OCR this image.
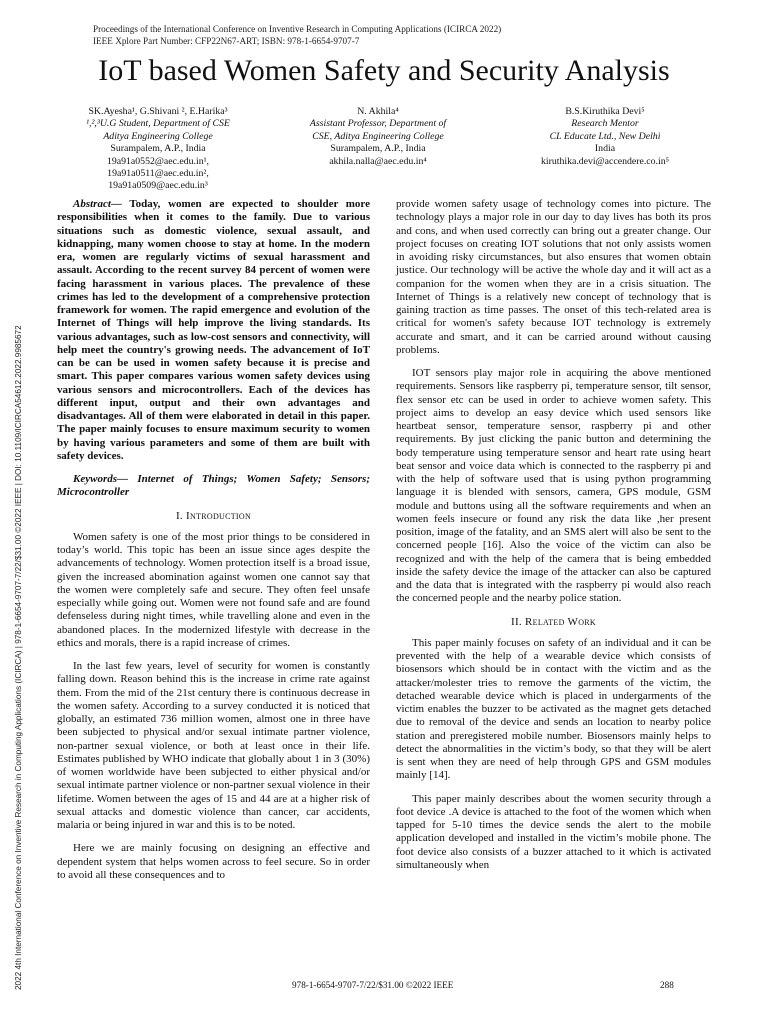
2022 4th International Conference on Inventive Research in Computing Applications (ICIRCA) | 978-1-6654-9707-7/22/$31.00 ©2022 IEEE | DOI: 10.1109/ICIRCA54612.2022.9985672
Proceedings of the International Conference on Inventive Research in Computing Applications (ICIRCA 2022)
IEEE Xplore Part Number: CFP22N67-ART; ISBN: 978-1-6654-9707-7
IoT based Women Safety and Security Analysis
SK.Ayesha¹, G.Shivani ², E.Harika³
¹,²,³U.G Student, Department of CSE
Aditya Engineering College
Surampalem, A.P., India
19a91a0552@aec.edu.in¹,
19a91a0511@aec.edu.in²,
19a91a0509@aec.edu.in³
N. Akhila⁴
Assistant Professor, Department of
CSE, Aditya Engineering College
Surampalem, A.P., India
akhila.nalla@aec.edu.in⁴
B.S.Kiruthika Devi⁵
Research Mentor
CL Educate Ltd., New Delhi
India
kiruthika.devi@accendere.co.in⁵

Abstract— Today, women are expected to shoulder more responsibilities when it comes to the family. Due to various situations such as domestic violence, sexual assault, and kidnapping, many women choose to stay at home. In the modern era, women are regularly victims of sexual harassment and assault. According to the recent survey 84 percent of women were facing harassment in various places. The prevalence of these crimes has led to the development of a comprehensive protection framework for women. The rapid emergence and evolution of the Internet of Things will help improve the living standards. Its various advantages, such as low-cost sensors and connectivity, will help meet the country's growing needs. The advancement of IoT can be can be used in women safety because it is precise and smart. This paper compares various women safety devices using various sensors and microcontrollers. Each of the devices has different input, output and their own advantages and disadvantages. All of them were elaborated in detail in this paper. The paper mainly focuses to ensure maximum security to women by having various parameters and some of them are built with safety devices.

Keywords— Internet of Things; Women Safety; Sensors; Microcontroller

I. Introduction

Women safety is one of the most prior things to be considered in today’s world. This topic has been an issue since ages despite the advancements of technology. Women protection itself is a broad issue, given the increased abomination against women one cannot say that the women were completely safe and secure. They often feel unsafe especially while going out. Women were not found safe and are found defenseless during night times, while travelling alone and even in the abandoned places. In the modernized lifestyle with decrease in the ethics and morals, there is a rapid increase of crimes.

In the last few years, level of security for women is constantly falling down. Reason behind this is the increase in crime rate against them. From the mid of the 21st century there is continuous decrease in the women safety. According to a survey conducted it is noticed that globally, an estimated 736 million women, almost one in three have been subjected to physical and/or sexual intimate partner violence, non-partner sexual violence, or both at least once in their life. Estimates published by WHO indicate that globally about 1 in 3 (30%) of women worldwide have been subjected to either physical and/or sexual intimate partner violence or non-partner sexual violence in their lifetime. Women between the ages of 15 and 44 are at a higher risk of sexual attacks and domestic violence than cancer, car accidents, malaria or being injured in war and this is to be noted.

Here we are mainly focusing on designing an effective and dependent system that helps women across to feel secure. So in order to avoid all these consequences and to

provide women safety usage of technology comes into picture. The technology plays a major role in our day to day lives has both its pros and cons, and when used correctly can bring out a greater change. Our project focuses on creating IOT solutions that not only assists women in avoiding risky circumstances, but also ensures that women obtain justice. Our technology will be active the whole day and it will act as a companion for the women when they are in a crisis situation. The Internet of Things is a relatively new concept of technology that is gaining traction as time passes. The onset of this tech-related area is critical for women's safety because IOT technology is extremely accurate and smart, and it can be carried around without causing problems.

IOT sensors play major role in acquiring the above mentioned requirements. Sensors like raspberry pi, temperature sensor, tilt sensor, flex sensor etc can be used in order to achieve women safety. This project aims to develop an easy device which used sensors like heartbeat sensor, temperature sensor, raspberry pi and other requirements. By just clicking the panic button and determining the body temperature using temperature sensor and heart rate using heart beat sensor and voice data which is connected to the raspberry pi and with the help of software used that is using python programming language it is blended with sensors, camera, GPS module, GSM module and buttons using all the software requirements and when an women feels insecure or found any risk the data like ,her present position, image of the fatality, and an SMS alert will also be sent to the concerned people [16]. Also the voice of the victim can also be recognized and with the help of the camera that is being embedded inside the safety device the image of the attacker can also be captured and the data that is integrated with the raspberry pi would also reach the concerned people and the nearby police station.

II. Related Work

This paper mainly focuses on safety of an individual and it can be prevented with the help of a wearable device which consists of biosensors which should be in contact with the victim and as the attacker/molester tries to remove the garments of the victim, the detached wearable device which is placed in undergarments of the victim enables the buzzer to be activated as the magnet gets detached due to removal of the device and sends an location to nearby police station and preregistered mobile number. Biosensors mainly helps to detect the abnormalities in the victim’s body, so that they will be alert is sent when they are need of help through GPS and GSM modules mainly [14].

This paper mainly describes about the women security through a foot device .A device is attached to the foot of the women which when tapped for 5-10 times the device sends the alert to the mobile application developed and installed in the victim’s mobile phone. The foot device also consists of a buzzer attached to it which is activated simultaneously when

978-1-6654-9707-7/22/$31.00 ©2022 IEEE	288
